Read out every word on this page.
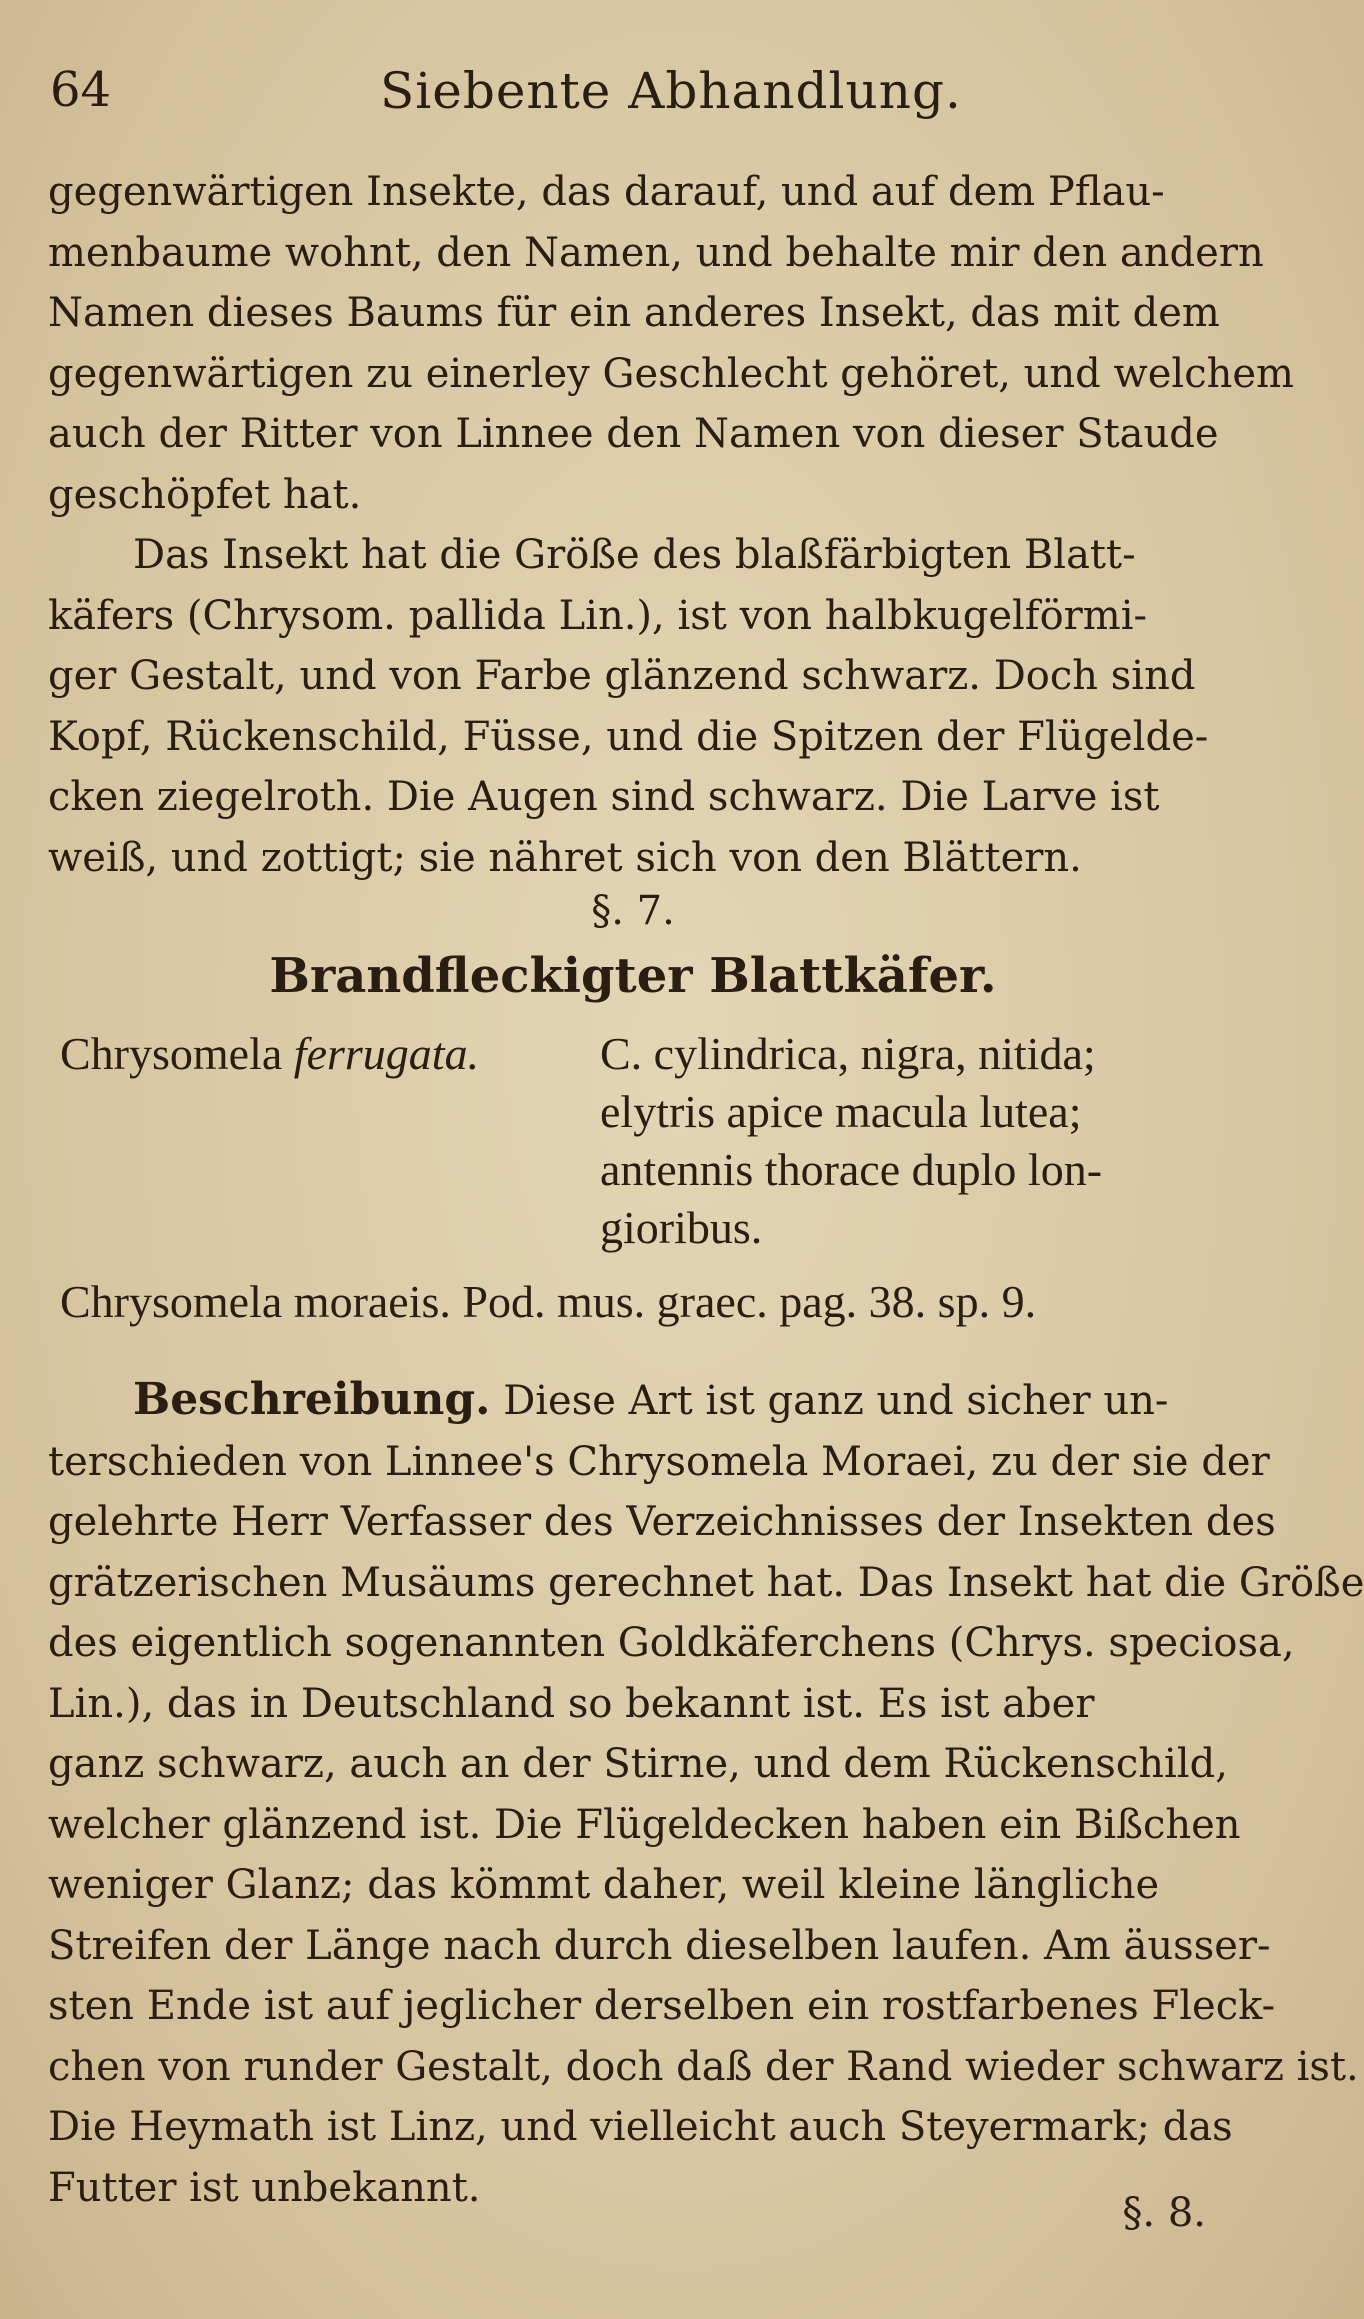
64	Siebente Abhandlung.
gegenwärtigen Insekte, das darauf, und auf dem Pflau-
menbaume wohnt, den Namen, und behalte mir den andern
Namen dieses Baums für ein anderes Insekt, das mit dem
gegenwärtigen zu einerley Geschlecht gehöret, und welchem
auch der Ritter von Linnee den Namen von dieser Staude
geschöpfet hat.
Das Insekt hat die Größe des blaßfärbigten Blatt-
käfers (Chrysom. pallida Lin.), ist von halbkugelförmi-
ger Gestalt, und von Farbe glänzend schwarz. Doch sind
Kopf, Rückenschild, Füsse, und die Spitzen der Flügelde-
cken ziegelroth. Die Augen sind schwarz. Die Larve ist
weiß, und zottigt; sie nähret sich von den Blättern.
§. 7.
Brandfleckigter Blattkäfer.
Chrysomela ferrugata.	C. cylindrica, nigra, nitida;
elytris apice macula lutea;
antennis thorace duplo lon-
gioribus.
Chrysomela moraeis. Pod. mus. graec. pag. 38. sp. 9.
Beschreibung. Diese Art ist ganz und sicher un-
terschieden von Linnee's Chrysomela Moraei, zu der sie der
gelehrte Herr Verfasser des Verzeichnisses der Insekten des
grätzerischen Musäums gerechnet hat. Das Insekt hat die Größe
des eigentlich sogenannten Goldkäferchens (Chrys. speciosa,
Lin.), das in Deutschland so bekannt ist. Es ist aber
ganz schwarz, auch an der Stirne, und dem Rückenschild,
welcher glänzend ist. Die Flügeldecken haben ein Bißchen
weniger Glanz; das kömmt daher, weil kleine längliche
Streifen der Länge nach durch dieselben laufen. Am äusser-
sten Ende ist auf jeglicher derselben ein rostfarbenes Fleck-
chen von runder Gestalt, doch daß der Rand wieder schwarz ist.
Die Heymath ist Linz, und vielleicht auch Steyermark; das
Futter ist unbekannt.
§. 8.
